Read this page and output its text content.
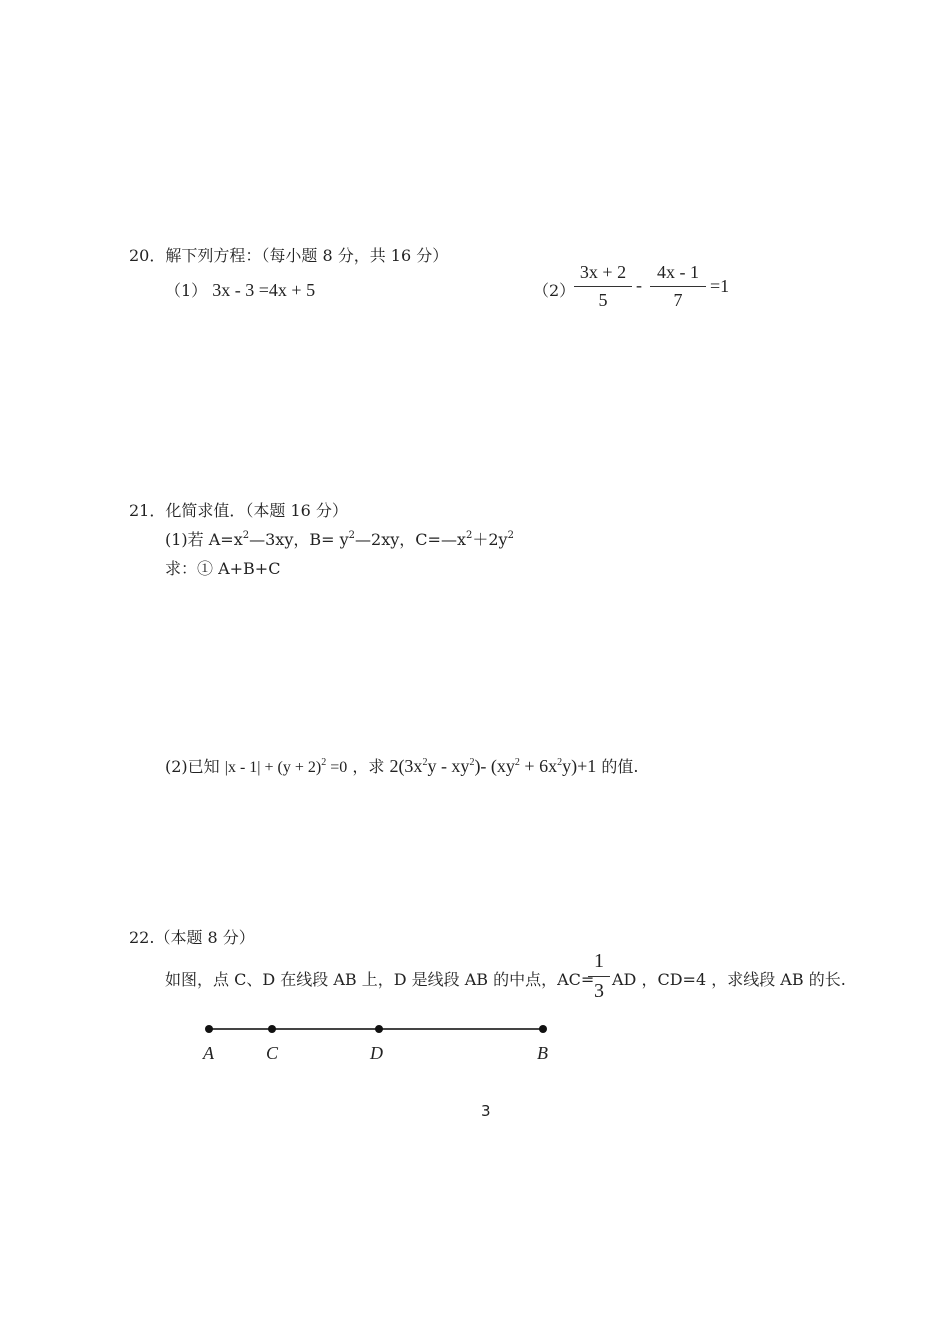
20．解下列方程：（每小题 8 分，共 16 分）
（1） 3x - 3 =4x + 5	（2）
3x + 2
5
-
4x - 1
7
=1
21．化简求值．（本题 16 分）
(1)若 $A=x^2—3xy$，$B= y^2—2xy$，$C=—x^2+2y^2$
求：① A+B+C
(2)已知 $|x - 1| + (y + 2)^2 =0$ ，求 $2(3x^2y - xy^2)-$ $(xy^2 + 6x^2y)+1$ 的值.
22.（本题 8 分）
如图，点 C、D 在线段 AB 上，D 是线段 AB 的中点，AC=
1
3
AD ，CD=4 ，求线段 AB 的长.
A	C	D	B
3
